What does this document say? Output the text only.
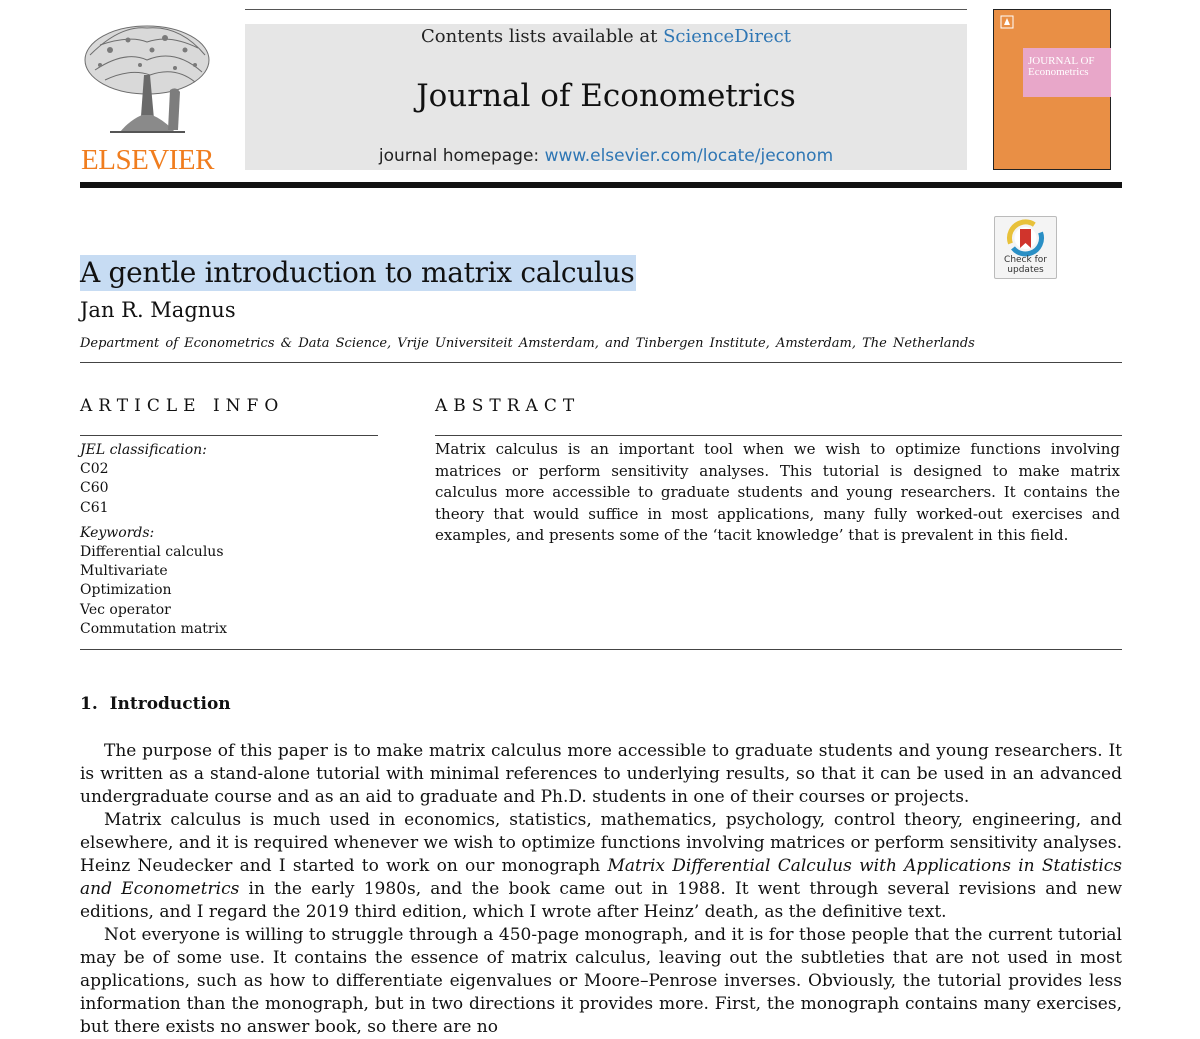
ELSEVIER
Contents lists available at ScienceDirect
Journal of Econometrics
journal homepage: www.elsevier.com/locate/jeconom
JOURNAL OF
Econometrics
Check for
updates
A gentle introduction to matrix calculus
Jan R. Magnus
Department of Econometrics & Data Science, Vrije Universiteit Amsterdam, and Tinbergen Institute, Amsterdam, The Netherlands
ARTICLE INFO	ABSTRACT
JEL classification:
C02
C60
C61
Keywords:
Differential calculus
Multivariate
Optimization
Vec operator
Commutation matrix
Matrix calculus is an important tool when we wish to optimize functions involving matrices or perform sensitivity analyses. This tutorial is designed to make matrix calculus more accessible to graduate students and young researchers. It contains the theory that would suffice in most applications, many fully worked-out exercises and examples, and presents some of the ‘tacit knowledge’ that is prevalent in this field.
1.  Introduction

The purpose of this paper is to make matrix calculus more accessible to graduate students and young researchers. It is written as a stand-alone tutorial with minimal references to underlying results, so that it can be used in an advanced undergraduate course and as an aid to graduate and Ph.D. students in one of their courses or projects.

Matrix calculus is much used in economics, statistics, mathematics, psychology, control theory, engineering, and elsewhere, and it is required whenever we wish to optimize functions involving matrices or perform sensitivity analyses. Heinz Neudecker and I started to work on our monograph Matrix Differential Calculus with Applications in Statistics and Econometrics in the early 1980s, and the book came out in 1988. It went through several revisions and new editions, and I regard the 2019 third edition, which I wrote after Heinz’ death, as the definitive text.

Not everyone is willing to struggle through a 450-page monograph, and it is for those people that the current tutorial may be of some use. It contains the essence of matrix calculus, leaving out the subtleties that are not used in most applications, such as how to differentiate eigenvalues or Moore–Penrose inverses. Obviously, the tutorial provides less information than the monograph, but in two directions it provides more. First, the monograph contains many exercises, but there exists no answer book, so there are no
